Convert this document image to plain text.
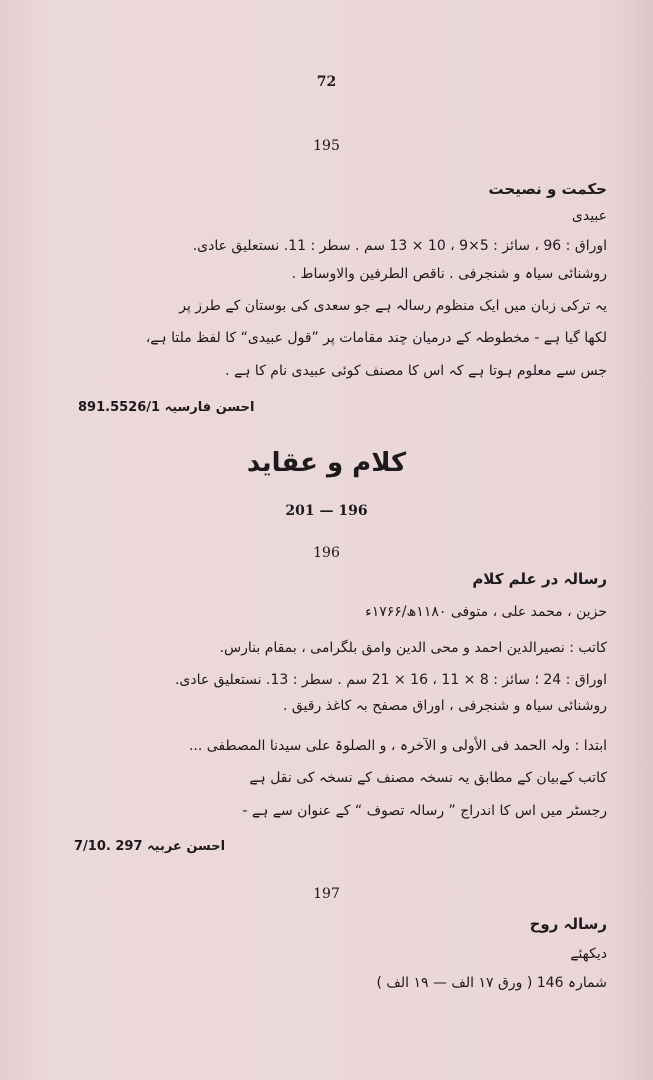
72
195
حکمت و نصیحت
عبیدی
اوراق : 96 ، سائز : 5×9 ، 10 × 13 سم . سطر : 11. نستعلیق عادی.
روشنائی سیاہ و شنجرفی . ناقص الطرفین والاوساط .
یہ ترکی زبان میں ایک منظوم رسالہ ہے جو سعدی کی بوستان کے طرز پر
لکھا گیا ہے - مخطوطہ کے درمیان چند مقامات پر ”قول عبیدی“ کا لفظ ملتا ہے،
جس سے معلوم ہوتا ہے کہ اس کا مصنف کوئی عبیدی نام کا ہے .
احسن فارسیہ 891.5526/1
کلام و عقاید
201 — 196
196
رسالہ در علم کلام
حزین ، محمد علی ، متوفی ۱۱۸۰ھ/۱۷۶۶ء
کاتب : نصیرالدین احمد و محی الدین وامق بلگرامی ، بمقام بنارس.
اوراق : 24 ؛ سائز : 8 × 11 ، 16 × 21 سم . سطر : 13. نستعلیق عادی.
روشنائی سیاہ و شنجرفی ، اوراق مصفح بہ کاغذ رقیق .
ابتدا : ولہ الحمد فی الأولی و الآخرہ ، و الصلوۃ علی سیدنا المصطفی ...
کاتب کےبیان کے مطابق یہ نسخہ مصنف کے نسخہ کی نقل ہے
رجسٹر میں اس کا اندراج ” رسالہ تصوف “ کے عنوان سے ہے -
احسن عربیہ 297 .7/10
197
رسالہ روح
دیکھئے
شمارہ 146 ( ورق ۱۷ الف — ۱۹ الف )
